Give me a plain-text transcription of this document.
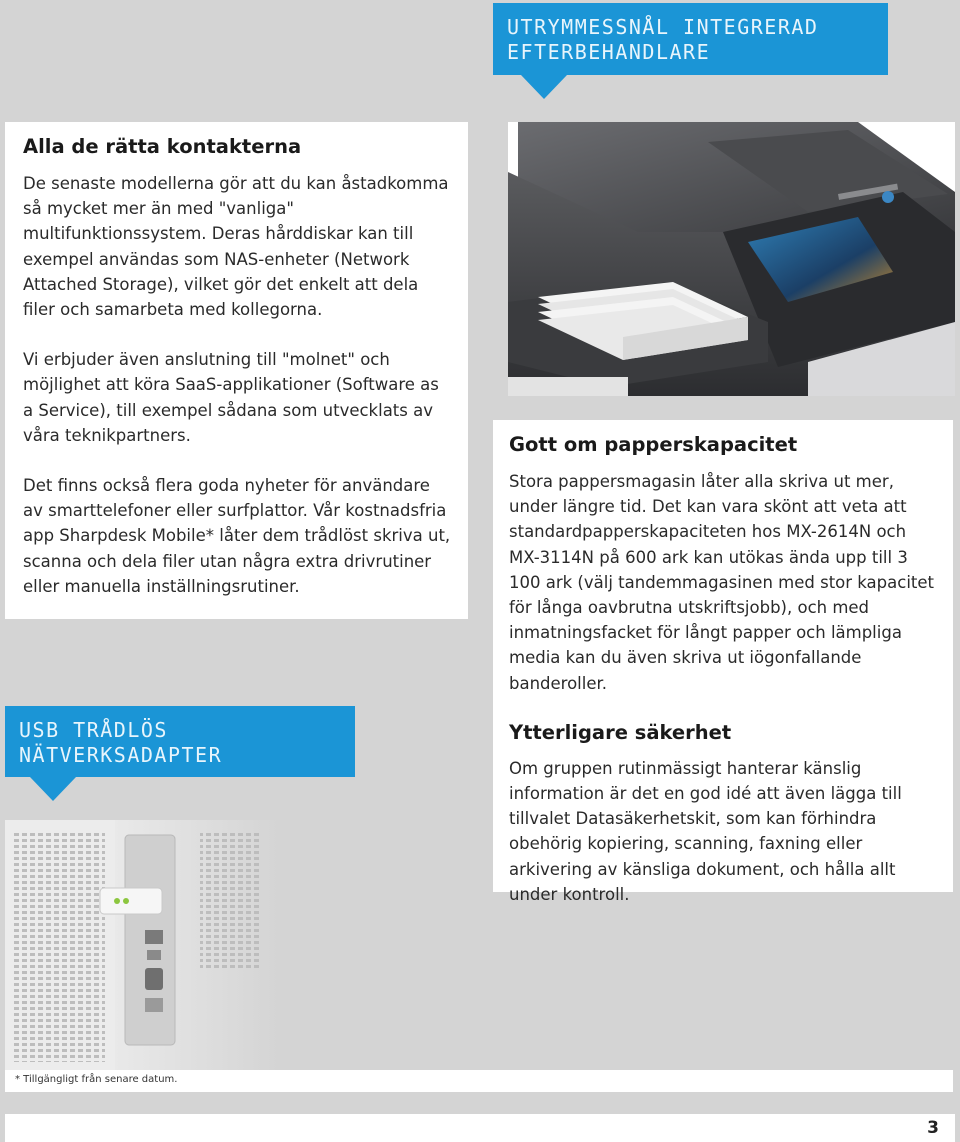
UTRYMMESSNÅL INTEGRERAD
EFTERBEHANDLARE
Alla de rätta kontakterna

De senaste modellerna gör att du kan åstadkomma så mycket mer än med "vanliga" multifunktionssystem. Deras hårddiskar kan till exempel användas som NAS-enheter (Network Attached Storage), vilket gör det enkelt att dela filer och samarbeta med kollegorna.

Vi erbjuder även anslutning till "molnet" och möjlighet att köra SaaS-applikationer (Software as a Service), till exempel sådana som utvecklats av våra teknikpartners.

Det finns också flera goda nyheter för användare av smarttelefoner eller surfplattor. Vår kostnadsfria app Sharpdesk Mobile* låter dem trådlöst skriva ut, scanna och dela filer utan några extra drivrutiner eller manuella inställningsrutiner.

Gott om papperskapacitet

Stora pappersmagasin låter alla skriva ut mer, under längre tid. Det kan vara skönt att veta att standardpapperskapaciteten hos MX-2614N och MX-3114N på 600 ark kan utökas ända upp till 3 100 ark (välj tandemmagasinen med stor kapacitet för långa oavbrutna utskriftsjobb), och med inmatningsfacket för långt papper och lämpliga media kan du även skriva ut iögonfallande banderoller.

Ytterligare säkerhet

Om gruppen rutinmässigt hanterar känslig information är det en god idé att även lägga till tillvalet Datasäkerhetskit, som kan förhindra obehörig kopiering, scanning, faxning eller arkivering av känsliga dokument, och hålla allt under kontroll.

USB TRÅDLÖS
NÄTVERKSADAPTER
* Tillgängligt från senare datum.
3
